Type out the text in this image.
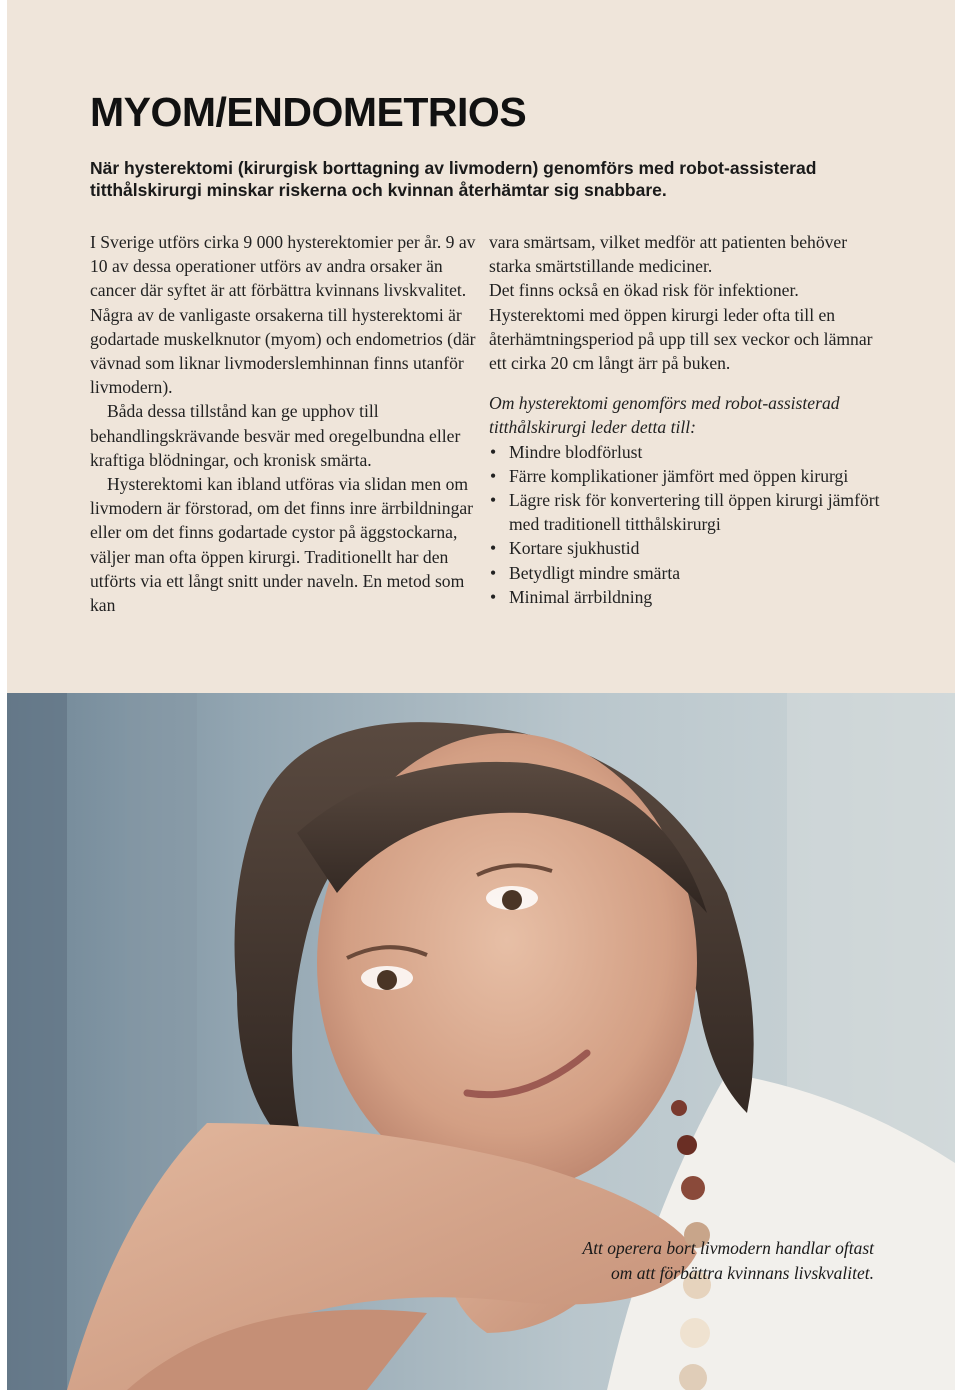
MYOM/ENDOMETRIOS

När hysterektomi (kirurgisk borttagning av livmodern) genomförs med robot-assisterad titthålskirurgi minskar riskerna och kvinnan återhämtar sig snabbare.

I Sverige utförs cirka 9 000 hysterektomier per år. 9 av 10 av dessa operationer utförs av andra orsaker än cancer där syftet är att förbättra kvinnans livskvalitet. Några av de vanligaste orsakerna till hysterektomi är godartade muskelknutor (myom) och endometrios (där vävnad som liknar livmoderslemhinnan finns utanför livmodern).

Båda dessa tillstånd kan ge upphov till behandlingskrävande besvär med oregelbundna eller kraftiga blödningar, och kronisk smärta.

Hysterektomi kan ibland utföras via slidan men om livmodern är förstorad, om det finns inre ärrbildningar eller om det finns godartade cystor på äggstockarna, väljer man ofta öppen kirurgi. Traditionellt har den utförts via ett långt snitt under naveln. En metod som kan

vara smärtsam, vilket medför att patienten behöver starka smärtstillande mediciner.

Det finns också en ökad risk för infektioner.

Hysterektomi med öppen kirurgi leder ofta till en återhämtningsperiod på upp till sex veckor och lämnar ett cirka 20 cm långt ärr på buken.

Om hysterektomi genomförs med robot-assisterad titthålskirurgi leder detta till:

• Mindre blodförlust
• Färre komplikationer jämfört med öppen kirurgi
• Lägre risk för konvertering till öppen kirurgi jämfört med traditionell titthålskirurgi
• Kortare sjukhustid
• Betydligt mindre smärta
• Minimal ärrbildning
Att operera bort livmodern handlar oftast om att förbättra kvinnans livskvalitet.
